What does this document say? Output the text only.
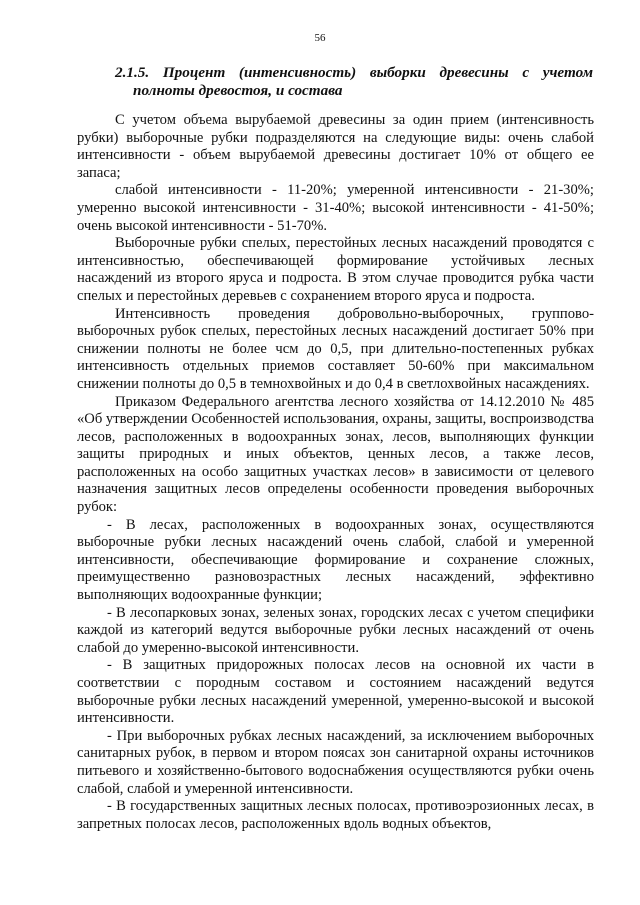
56
2.1.5. Процент (интенсивность) выборки древесины с учетом
полноты древостоя, и состава

С учетом объема вырубаемой древесины за один прием (интенсивность рубки) выборочные рубки подразделяются на следующие виды: очень слабой интенсивности - объем вырубаемой древесины достигает 10% от общего ее запаса;

слабой интенсивности - 11-20%; умеренной интенсивности - 21-30%; умеренно высокой интенсивности - 31-40%; высокой интенсивности - 41-50%; очень высокой интенсивности - 51-70%.

Выборочные рубки спелых, перестойных лесных насаждений проводятся с интенсивностью, обеспечивающей формирование устойчивых лесных насаждений из второго яруса и подроста. В этом случае проводится рубка части спелых и перестойных деревьев с сохранением второго яруса и подроста.

Интенсивность проведения добровольно-выборочных, группово-выборочных рубок спелых, перестойных лесных насаждений достигает 50% при снижении полноты не более чсм до 0,5, при длительно-постепенных рубках интенсивность отдельных приемов составляет 50-60% при максимальном снижении полноты до 0,5 в темнохвойных и до 0,4 в светлохвойных насаждениях.

Приказом Федерального агентства лесного хозяйства от 14.12.2010 № 485 «Об утверждении Особенностей использования, охраны, защиты, воспроизводства лесов, расположенных в водоохранных зонах, лесов, выполняющих функции защиты природных и иных объектов, ценных лесов, а также лесов, расположенных на особо защитных участках лесов» в зависимости от целевого назначения защитных лесов определены особенности проведения выборочных рубок:

- В лесах, расположенных в водоохранных зонах, осуществляются выборочные рубки лесных насаждений очень слабой, слабой и умеренной интенсивности, обеспечивающие формирование и сохранение сложных, преимущественно разновозрастных лесных насаждений, эффективно выполняющих водоохранные функции;

- В лесопарковых зонах, зеленых зонах, городских лесах с учетом специфики каждой из категорий ведутся выборочные рубки лесных насаждений от очень слабой до умеренно-высокой интенсивности.

- В защитных придорожных полосах лесов на основной их части в соответствии с породным составом и состоянием насаждений ведутся выборочные рубки лесных насаждений умеренной, умеренно-высокой и высокой интенсивности.

- При выборочных рубках лесных насаждений, за исключением выборочных санитарных рубок, в первом и втором поясах зон санитарной охраны источников питьевого и хозяйственно-бытового водоснабжения осуществляются рубки очень слабой, слабой и умеренной интенсивности.

- В государственных защитных лесных полосах, противоэрозионных лесах, в запретных полосах лесов, расположенных вдоль водных объектов,
